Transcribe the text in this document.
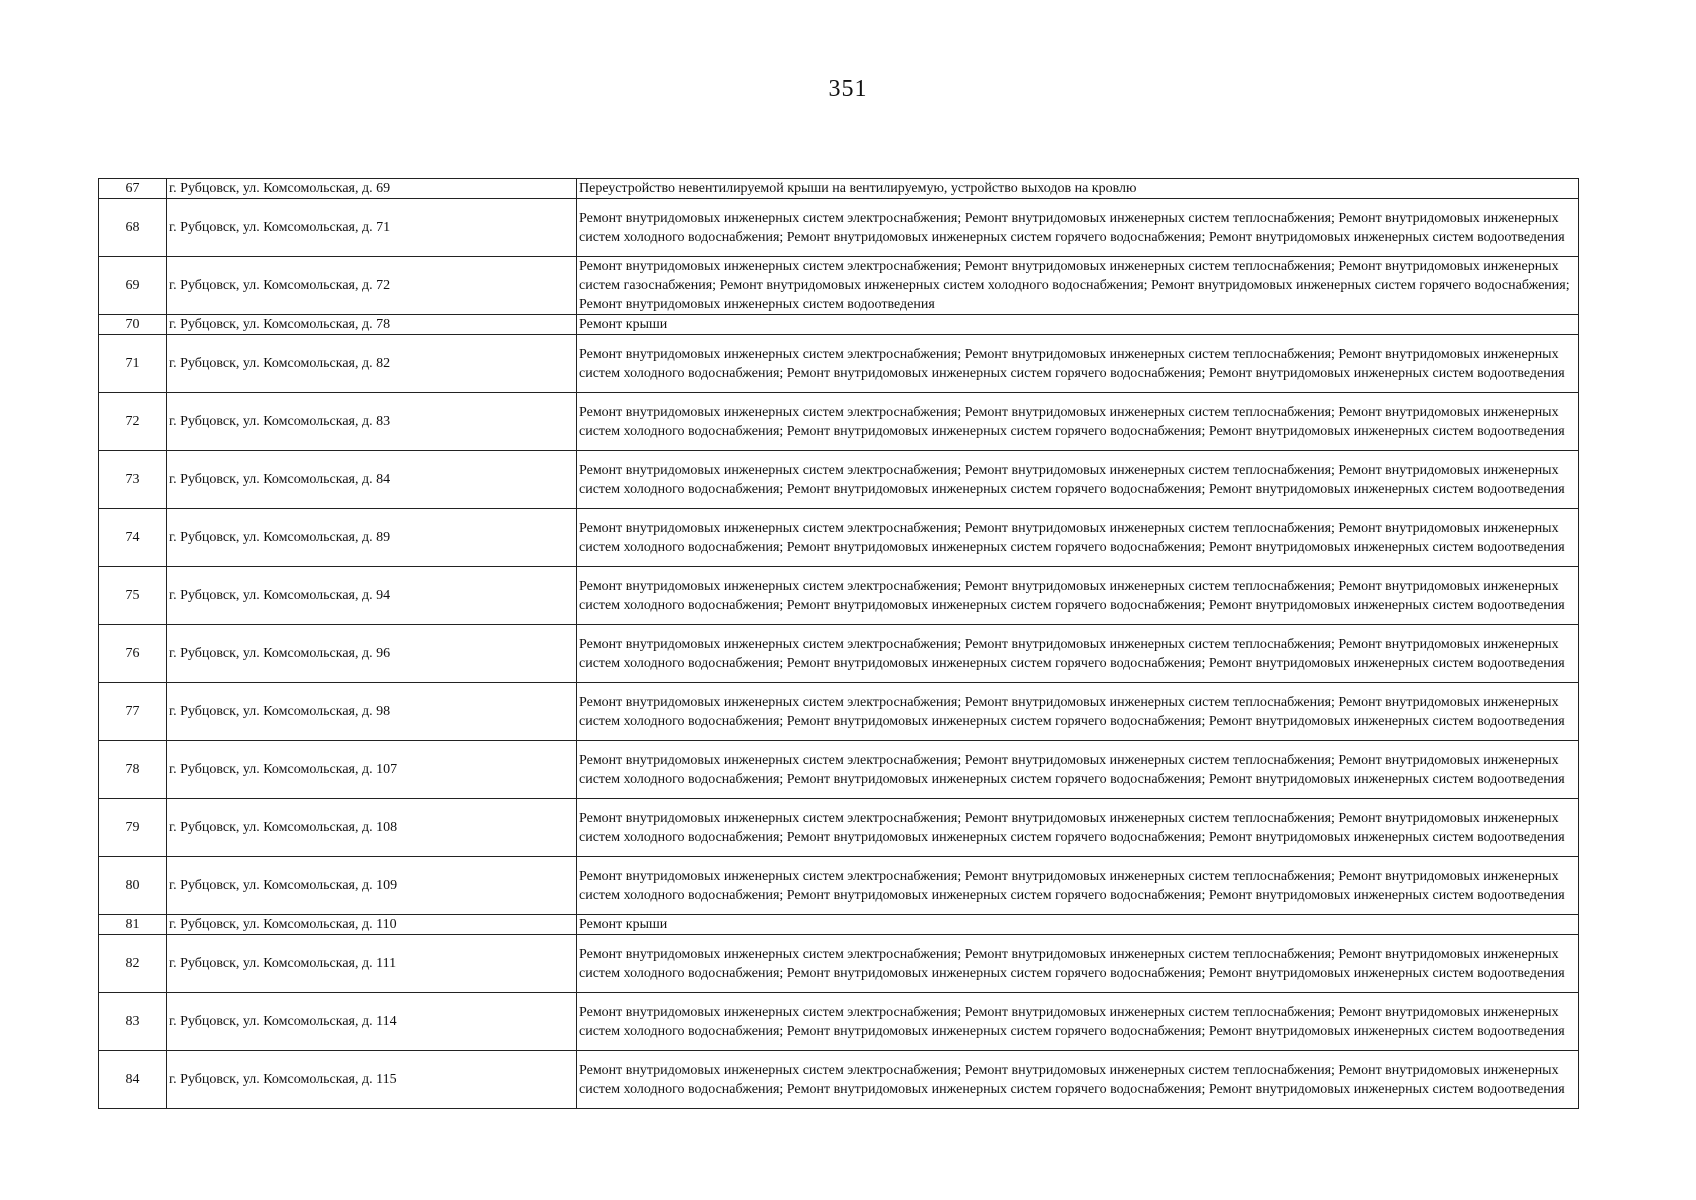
351
67	г. Рубцовск, ул. Комсомольская, д. 69	Переустройство невентилируемой крыши на вентилируемую, устройство выходов на кровлю
68	г. Рубцовск, ул. Комсомольская, д. 71	Ремонт внутридомовых инженерных систем электроснабжения; Ремонт внутридомовых инженерных систем теплоснабжения; Ремонт внутридомовых инженерных систем холодного водоснабжения; Ремонт внутридомовых инженерных систем горячего водоснабжения; Ремонт внутридомовых инженерных систем водоотведения
69	г. Рубцовск, ул. Комсомольская, д. 72	Ремонт внутридомовых инженерных систем электроснабжения; Ремонт внутридомовых инженерных систем теплоснабжения; Ремонт внутридомовых инженерных систем газоснабжения; Ремонт внутридомовых инженерных систем холодного водоснабжения; Ремонт внутридомовых инженерных систем горячего водоснабжения; Ремонт внутридомовых инженерных систем водоотведения
70	г. Рубцовск, ул. Комсомольская, д. 78	Ремонт крыши
71	г. Рубцовск, ул. Комсомольская, д. 82	Ремонт внутридомовых инженерных систем электроснабжения; Ремонт внутридомовых инженерных систем теплоснабжения; Ремонт внутридомовых инженерных систем холодного водоснабжения; Ремонт внутридомовых инженерных систем горячего водоснабжения; Ремонт внутридомовых инженерных систем водоотведения
72	г. Рубцовск, ул. Комсомольская, д. 83	Ремонт внутридомовых инженерных систем электроснабжения; Ремонт внутридомовых инженерных систем теплоснабжения; Ремонт внутридомовых инженерных систем холодного водоснабжения; Ремонт внутридомовых инженерных систем горячего водоснабжения; Ремонт внутридомовых инженерных систем водоотведения
73	г. Рубцовск, ул. Комсомольская, д. 84	Ремонт внутридомовых инженерных систем электроснабжения; Ремонт внутридомовых инженерных систем теплоснабжения; Ремонт внутридомовых инженерных систем холодного водоснабжения; Ремонт внутридомовых инженерных систем горячего водоснабжения; Ремонт внутридомовых инженерных систем водоотведения
74	г. Рубцовск, ул. Комсомольская, д. 89	Ремонт внутридомовых инженерных систем электроснабжения; Ремонт внутридомовых инженерных систем теплоснабжения; Ремонт внутридомовых инженерных систем холодного водоснабжения; Ремонт внутридомовых инженерных систем горячего водоснабжения; Ремонт внутридомовых инженерных систем водоотведения
75	г. Рубцовск, ул. Комсомольская, д. 94	Ремонт внутридомовых инженерных систем электроснабжения; Ремонт внутридомовых инженерных систем теплоснабжения; Ремонт внутридомовых инженерных систем холодного водоснабжения; Ремонт внутридомовых инженерных систем горячего водоснабжения; Ремонт внутридомовых инженерных систем водоотведения
76	г. Рубцовск, ул. Комсомольская, д. 96	Ремонт внутридомовых инженерных систем электроснабжения; Ремонт внутридомовых инженерных систем теплоснабжения; Ремонт внутридомовых инженерных систем холодного водоснабжения; Ремонт внутридомовых инженерных систем горячего водоснабжения; Ремонт внутридомовых инженерных систем водоотведения
77	г. Рубцовск, ул. Комсомольская, д. 98	Ремонт внутридомовых инженерных систем электроснабжения; Ремонт внутридомовых инженерных систем теплоснабжения; Ремонт внутридомовых инженерных систем холодного водоснабжения; Ремонт внутридомовых инженерных систем горячего водоснабжения; Ремонт внутридомовых инженерных систем водоотведения
78	г. Рубцовск, ул. Комсомольская, д. 107	Ремонт внутридомовых инженерных систем электроснабжения; Ремонт внутридомовых инженерных систем теплоснабжения; Ремонт внутридомовых инженерных систем холодного водоснабжения; Ремонт внутридомовых инженерных систем горячего водоснабжения; Ремонт внутридомовых инженерных систем водоотведения
79	г. Рубцовск, ул. Комсомольская, д. 108	Ремонт внутридомовых инженерных систем электроснабжения; Ремонт внутридомовых инженерных систем теплоснабжения; Ремонт внутридомовых инженерных систем холодного водоснабжения; Ремонт внутридомовых инженерных систем горячего водоснабжения; Ремонт внутридомовых инженерных систем водоотведения
80	г. Рубцовск, ул. Комсомольская, д. 109	Ремонт внутридомовых инженерных систем электроснабжения; Ремонт внутридомовых инженерных систем теплоснабжения; Ремонт внутридомовых инженерных систем холодного водоснабжения; Ремонт внутридомовых инженерных систем горячего водоснабжения; Ремонт внутридомовых инженерных систем водоотведения
81	г. Рубцовск, ул. Комсомольская, д. 110	Ремонт крыши
82	г. Рубцовск, ул. Комсомольская, д. 111	Ремонт внутридомовых инженерных систем электроснабжения; Ремонт внутридомовых инженерных систем теплоснабжения; Ремонт внутридомовых инженерных систем холодного водоснабжения; Ремонт внутридомовых инженерных систем горячего водоснабжения; Ремонт внутридомовых инженерных систем водоотведения
83	г. Рубцовск, ул. Комсомольская, д. 114	Ремонт внутридомовых инженерных систем электроснабжения; Ремонт внутридомовых инженерных систем теплоснабжения; Ремонт внутридомовых инженерных систем холодного водоснабжения; Ремонт внутридомовых инженерных систем горячего водоснабжения; Ремонт внутридомовых инженерных систем водоотведения
84	г. Рубцовск, ул. Комсомольская, д. 115	Ремонт внутридомовых инженерных систем электроснабжения; Ремонт внутридомовых инженерных систем теплоснабжения; Ремонт внутридомовых инженерных систем холодного водоснабжения; Ремонт внутридомовых инженерных систем горячего водоснабжения; Ремонт внутридомовых инженерных систем водоотведения
